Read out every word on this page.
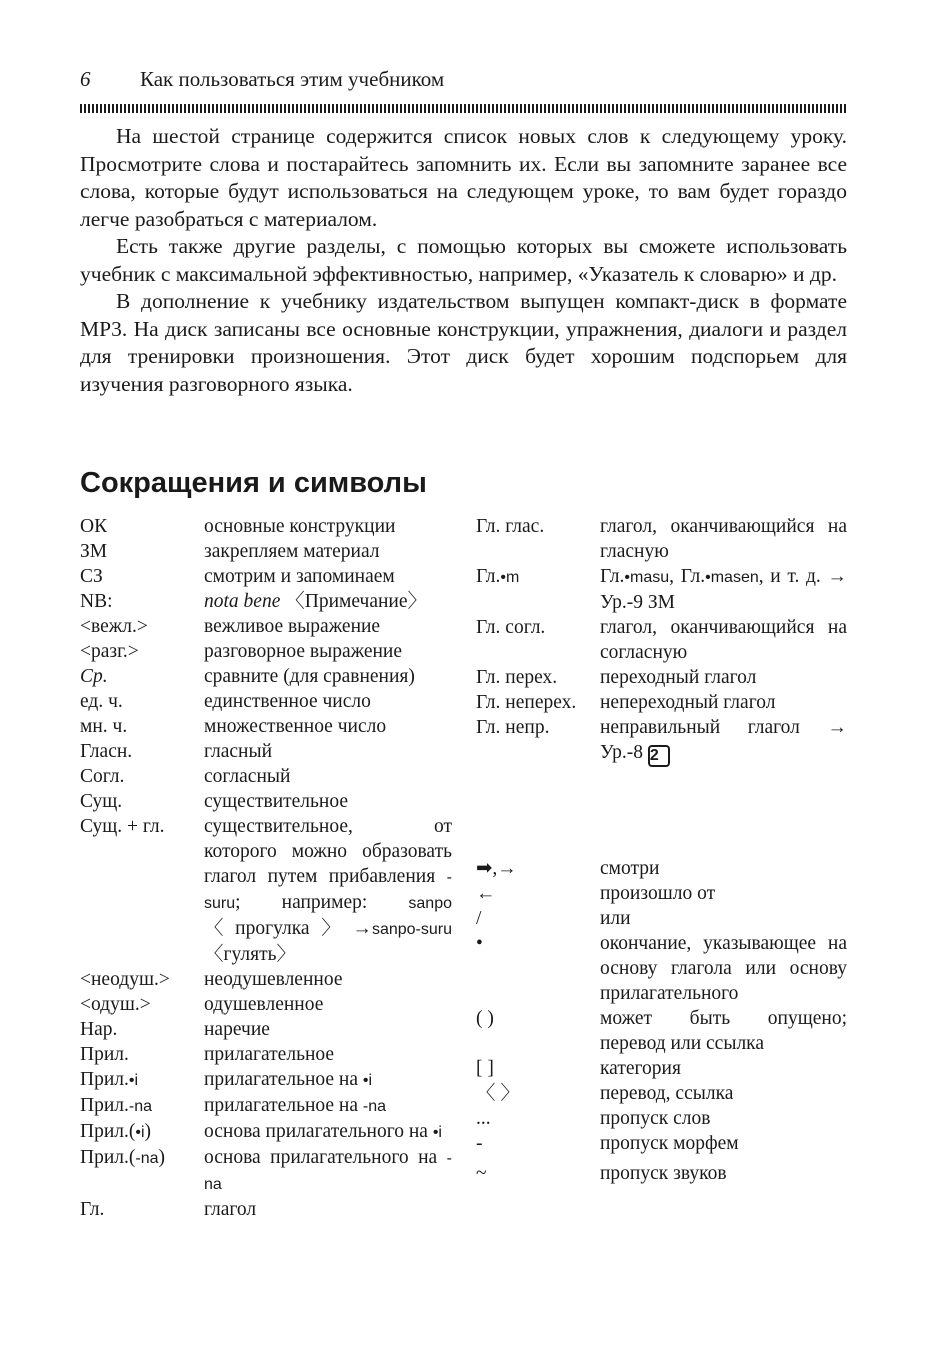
6 Как пользоваться этим учебником

На шестой странице содержится список новых слов к следующему уроку. Просмотрите слова и постарайтесь запомнить их. Если вы запомните заранее все слова, которые будут использоваться на следующем уроке, то вам будет гораздо легче разобраться с материалом.

Есть также другие разделы, с помощью которых вы сможете использовать учебник с максимальной эффективностью, например, «Указатель к словарю» и др.

В дополнение к учебнику издательством выпущен компакт-диск в формате MP3. На диск записаны все основные конструкции, упражнения, диалоги и раздел для тренировки произношения. Этот диск будет хорошим подспорьем для изучения разговорного языка.

Сокращения и символы
ОК	основные конструкции
ЗМ	закрепляем материал
СЗ	смотрим и запоминаем
NB:	nota bene 〈Примечание〉
<вежл.>	вежливое выражение
<разг.>	разговорное выражение
Ср.	сравните (для сравнения)
ед. ч.	единственное число
мн. ч.	множественное число
Гласн.	гласный
Согл.	согласный
Сущ.	существительное
Сущ. + гл.	существительное, от которого можно образовать глагол путем прибавления -suru; например: sanpo〈прогулка〉→sanpo-suru 〈гулять〉
<неодуш.>	неодушевленное
<одуш.>	одушевленное
Нар.	наречие
Прил.	прилагательное
Прил.•i	прилагательное на •i
Прил.-na	прилагательное на -na
Прил.(•i)	основа прилагательного на •i
Прил.(-na)	основа прилагательного на -na
Гл.	глагол
Гл. глас.	глагол, оканчивающийся на гласную
Гл.•m	Гл.•masu, Гл.•masen, и т. д. → Ур.-9 ЗМ
Гл. согл.	глагол, оканчивающийся на согласную
Гл. перех.	переходный глагол
Гл. неперех.	непереходный глагол
Гл. непр.	неправильный глагол → Ур.-8 2
➡,→	смотри
←	произошло от
/	или
•	окончание, указывающее на основу глагола или основу прилагательного
( )	может быть опущено; перевод или ссылка
[ ]	категория
〈 〉	перевод, ссылка
...	пропуск слов
-	пропуск морфем
~	пропуск звуков
